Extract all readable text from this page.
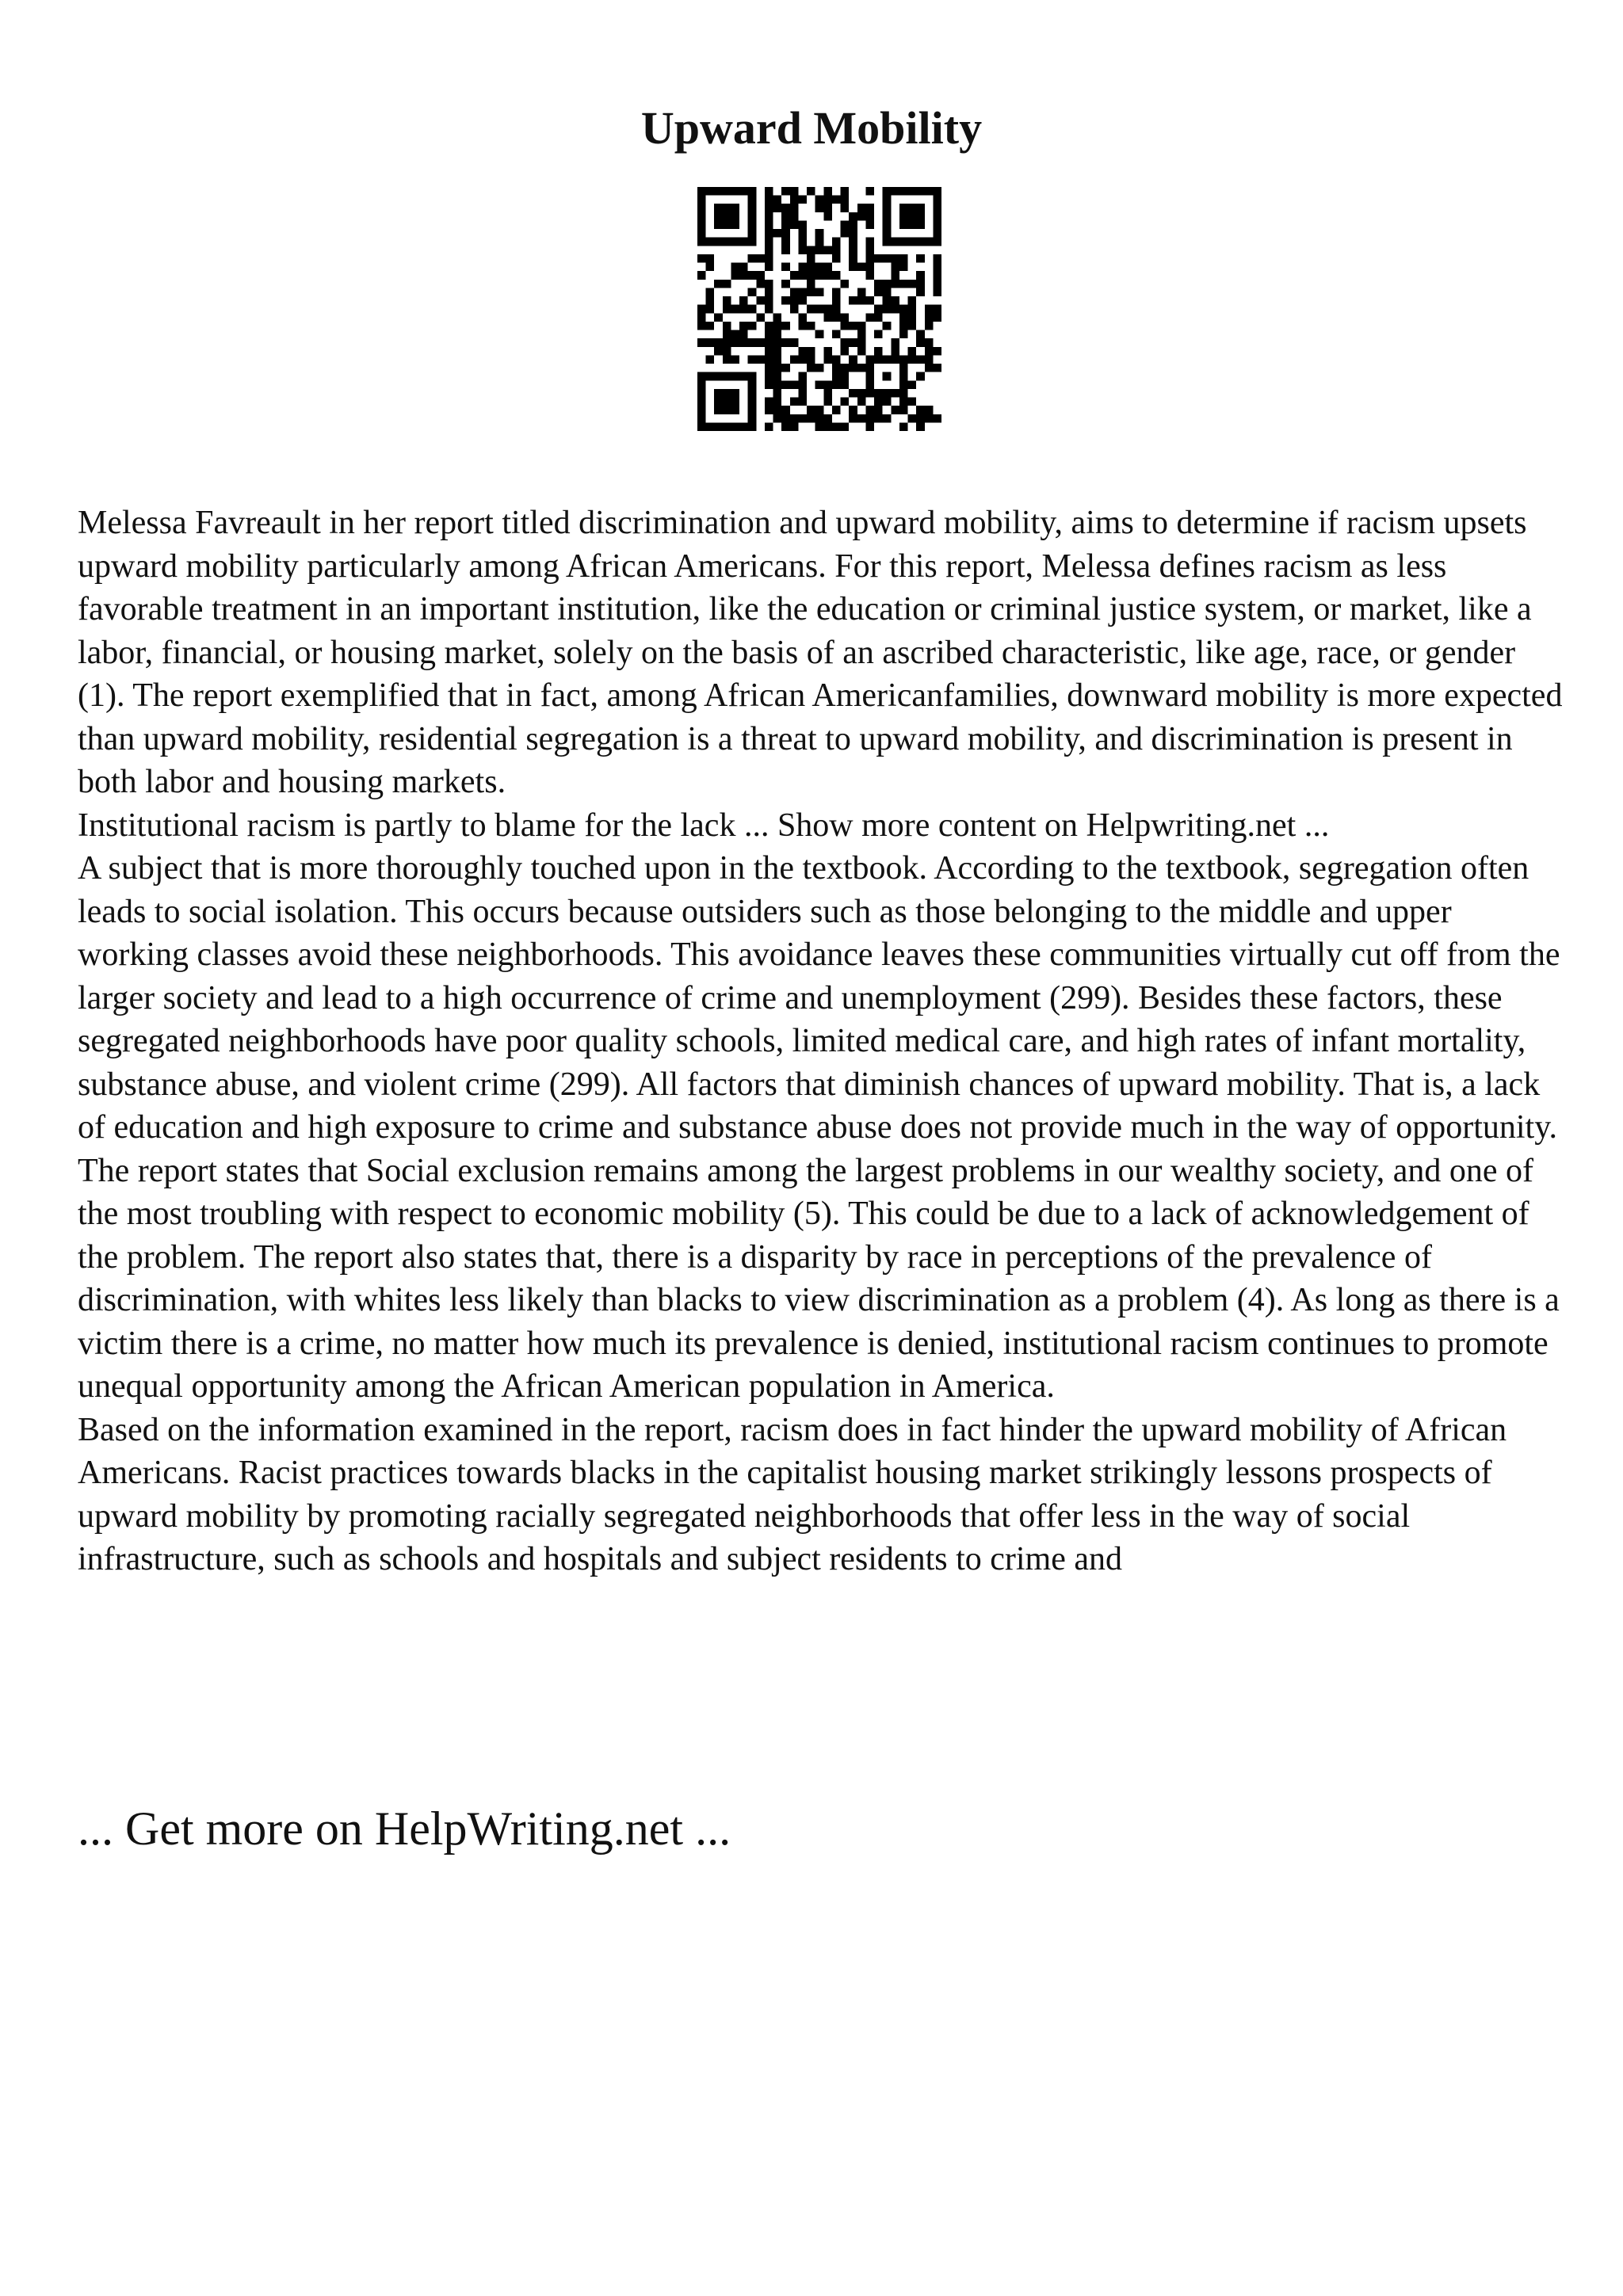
Upward Mobility

Melessa Favreault in her report titled discrimination and upward mobility, aims to determine if racism upsets upward mobility particularly among African Americans. For this report, Melessa defines racism as less favorable treatment in an important institution, like the education or criminal justice system, or market, like a labor, financial, or housing market, solely on the basis of an ascribed characteristic, like age, race, or gender (1). The report exemplified that in fact, among African Americanfamilies, downward mobility is more expected than upward mobility, residential segregation is a threat to upward mobility, and discrimination is present in both labor and housing markets.

Institutional racism is partly to blame for the lack ... Show more content on Helpwriting.net ...

A subject that is more thoroughly touched upon in the textbook. According to the textbook, segregation often leads to social isolation. This occurs because outsiders such as those belonging to the middle and upper working classes avoid these neighborhoods. This avoidance leaves these communities virtually cut off from the larger society and lead to a high occurrence of crime and unemployment (299). Besides these factors, these segregated neighborhoods have poor quality schools, limited medical care, and high rates of infant mortality, substance abuse, and violent crime (299). All factors that diminish chances of upward mobility. That is, a lack of education and high exposure to crime and substance abuse does not provide much in the way of opportunity. The report states that Social exclusion remains among the largest problems in our wealthy society, and one of the most troubling with respect to economic mobility (5). This could be due to a lack of acknowledgement of the problem. The report also states that, there is a disparity by race in perceptions of the prevalence of discrimination, with whites less likely than blacks to view discrimination as a problem (4). As long as there is a victim there is a crime, no matter how much its prevalence is denied, institutional racism continues to promote unequal opportunity among the African American population in America.

Based on the information examined in the report, racism does in fact hinder the upward mobility of African Americans. Racist practices towards blacks in the capitalist housing market strikingly lessons prospects of upward mobility by promoting racially segregated neighborhoods that offer less in the way of social infrastructure, such as schools and hospitals and subject residents to crime and

... Get more on HelpWriting.net ...
